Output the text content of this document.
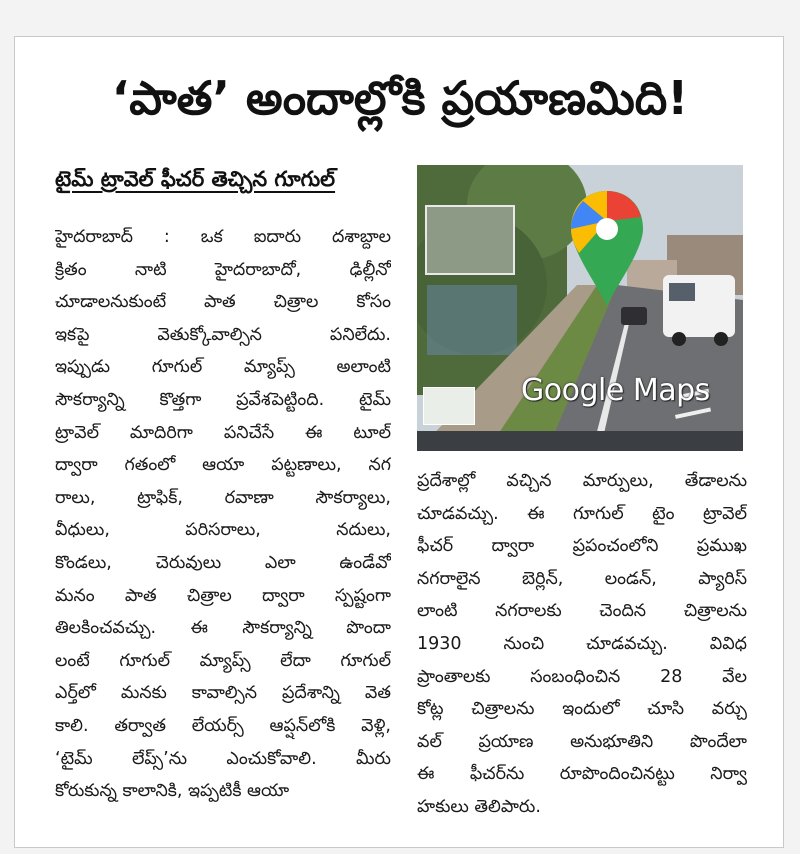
‘పాత’ అందాల్లోకి ప్రయాణమిది!
టైమ్ ట్రావెల్ ఫీచర్ తెచ్చిన గూగుల్
హైదరాబాద్ : ఒక ఐదారు దశాబ్దాల
క్రితం నాటి హైదరాబాదో, ఢిల్లీనో
చూడాలనుకుంటే పాత చిత్రాల కోసం
ఇకపై వెతుక్కోవాల్సిన పనిలేదు.
ఇప్పుడు గూగుల్ మ్యాప్స్ అలాంటి
సౌకర్యాన్ని కొత్తగా ప్రవేశపెట్టింది. టైమ్
ట్రావెల్ మాదిరిగా పనిచేసే ఈ టూల్
ద్వారా గతంలో ఆయా పట్టణాలు, నగ
రాలు, ట్రాఫిక్, రవాణా సౌకర్యాలు,
వీధులు, పరిసరాలు, నదులు,
కొండలు, చెరువులు ఎలా ఉండేవో
మనం పాత చిత్రాల ద్వారా స్పష్టంగా
తిలకించవచ్చు. ఈ సౌకర్యాన్ని పొందా
లంటే గూగుల్ మ్యాప్స్ లేదా గూగుల్
ఎర్త్‌లో మనకు కావాల్సిన ప్రదేశాన్ని వెత
కాలి. తర్వాత లేయర్స్ ఆప్షన్‌లోకి వెళ్లి,
‘టైమ్ లేప్స్’ను ఎంచుకోవాలి. మీరు
కోరుకున్న కాలానికి, ఇప్పటికీ ఆయా
Google Maps
ప్రదేశాల్లో వచ్చిన మార్పులు, తేడాలను
చూడవచ్చు. ఈ గూగుల్ టైం ట్రావెల్
ఫీచర్ ద్వారా ప్రపంచంలోని ప్రముఖ
నగరాలైన బెర్లిన్, లండన్, ప్యారిస్
లాంటి నగరాలకు చెందిన చిత్రాలను
1930 నుంచి చూడవచ్చు. వివిధ
ప్రాంతాలకు సంబంధించిన 28 వేల
కోట్ల చిత్రాలను ఇందులో చూసి వర్చు
వల్ ప్రయాణ అనుభూతిని పొందేలా
ఈ ఫీచర్‌ను రూపొందించినట్టు నిర్వా
హకులు తెలిపారు.
